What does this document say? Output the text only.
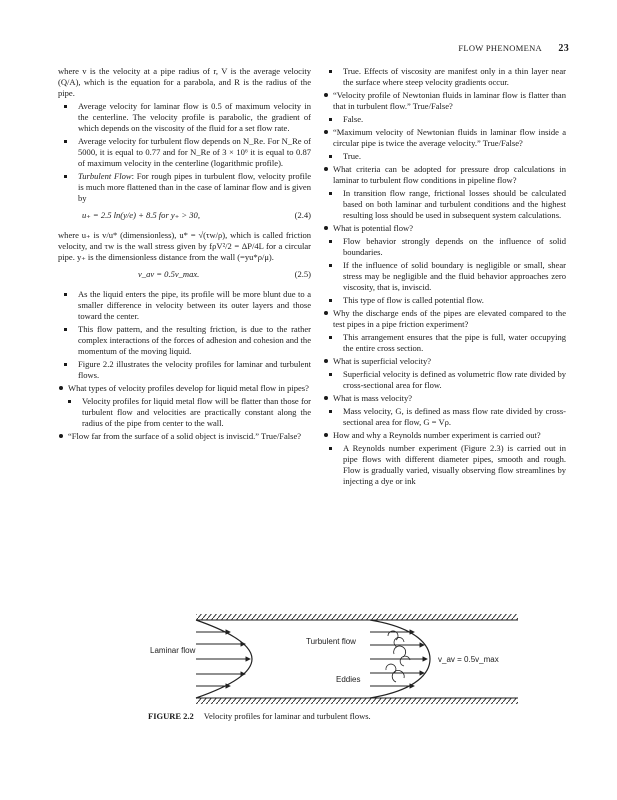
FLOW PHENOMENA 23

where v is the velocity at a pipe radius of r, V is the average velocity (Q/A), which is the equation for a parabola, and R is the radius of the pipe.

Average velocity for laminar flow is 0.5 of maximum velocity in the centerline. The velocity profile is parabolic, the gradient of which depends on the viscosity of the fluid for a set flow rate.

Average velocity for turbulent flow depends on N_Re. For N_Re of 5000, it is equal to 0.77 and for N_Re of 3 × 10⁶ it is equal to 0.87 of maximum velocity in the centerline (logarithmic profile).

Turbulent Flow: For rough pipes in turbulent flow, velocity profile is much more flattened than in the case of laminar flow and is given by

u₊ = 2.5 ln(y/e) + 8.5 for y₊ > 30,	(2.4)

where u₊ is v/u* (dimensionless), u* = √(τw/ρ), which is called friction velocity, and τw is the wall stress given by fρV²/2 = ΔP/4L for a circular pipe. y₊ is the dimensionless distance from the wall (=yu*ρ/μ).

v_av = 0.5v_max.	(2.5)

As the liquid enters the pipe, its profile will be more blunt due to a smaller difference in velocity between its outer layers and those toward the center.

This flow pattern, and the resulting friction, is due to the rather complex interactions of the forces of adhesion and cohesion and the momentum of the moving liquid.

Figure 2.2 illustrates the velocity profiles for laminar and turbulent flows.

What types of velocity profiles develop for liquid metal flow in pipes?

Velocity profiles for liquid metal flow will be flatter than those for turbulent flow and velocities are practically constant along the radius of the pipe from center to the wall.

“Flow far from the surface of a solid object is inviscid.” True/False?

True. Effects of viscosity are manifest only in a thin layer near the surface where steep velocity gradients occur.

“Velocity profile of Newtonian fluids in laminar flow is flatter than that in turbulent flow.” True/False?

False.

“Maximum velocity of Newtonian fluids in laminar flow inside a circular pipe is twice the average velocity.” True/False?

True.

What criteria can be adopted for pressure drop calculations in laminar to turbulent flow conditions in pipeline flow?

In transition flow range, frictional losses should be calculated based on both laminar and turbulent conditions and the highest resulting loss should be used in subsequent system calculations.

What is potential flow?

Flow behavior strongly depends on the influence of solid boundaries.

If the influence of solid boundary is negligible or small, shear stress may be negligible and the fluid behavior approaches zero viscosity, that is, inviscid.

This type of flow is called potential flow.

Why the discharge ends of the pipes are elevated compared to the test pipes in a pipe friction experiment?

This arrangement ensures that the pipe is full, water occupying the entire cross section.

What is superficial velocity?

Superficial velocity is defined as volumetric flow rate divided by cross-sectional area for flow.

What is mass velocity?

Mass velocity, G, is defined as mass flow rate divided by cross-sectional area for flow, G = Vρ.

How and why a Reynolds number experiment is carried out?

A Reynolds number experiment (Figure 2.3) is carried out in pipe flows with different diameter pipes, smooth and rough. Flow is gradually varied, visually observing flow streamlines by injecting a dye or ink

Laminar flow
Turbulent flow
Eddies
v_av = 0.5v_max
FIGURE 2.2 Velocity profiles for laminar and turbulent flows.
